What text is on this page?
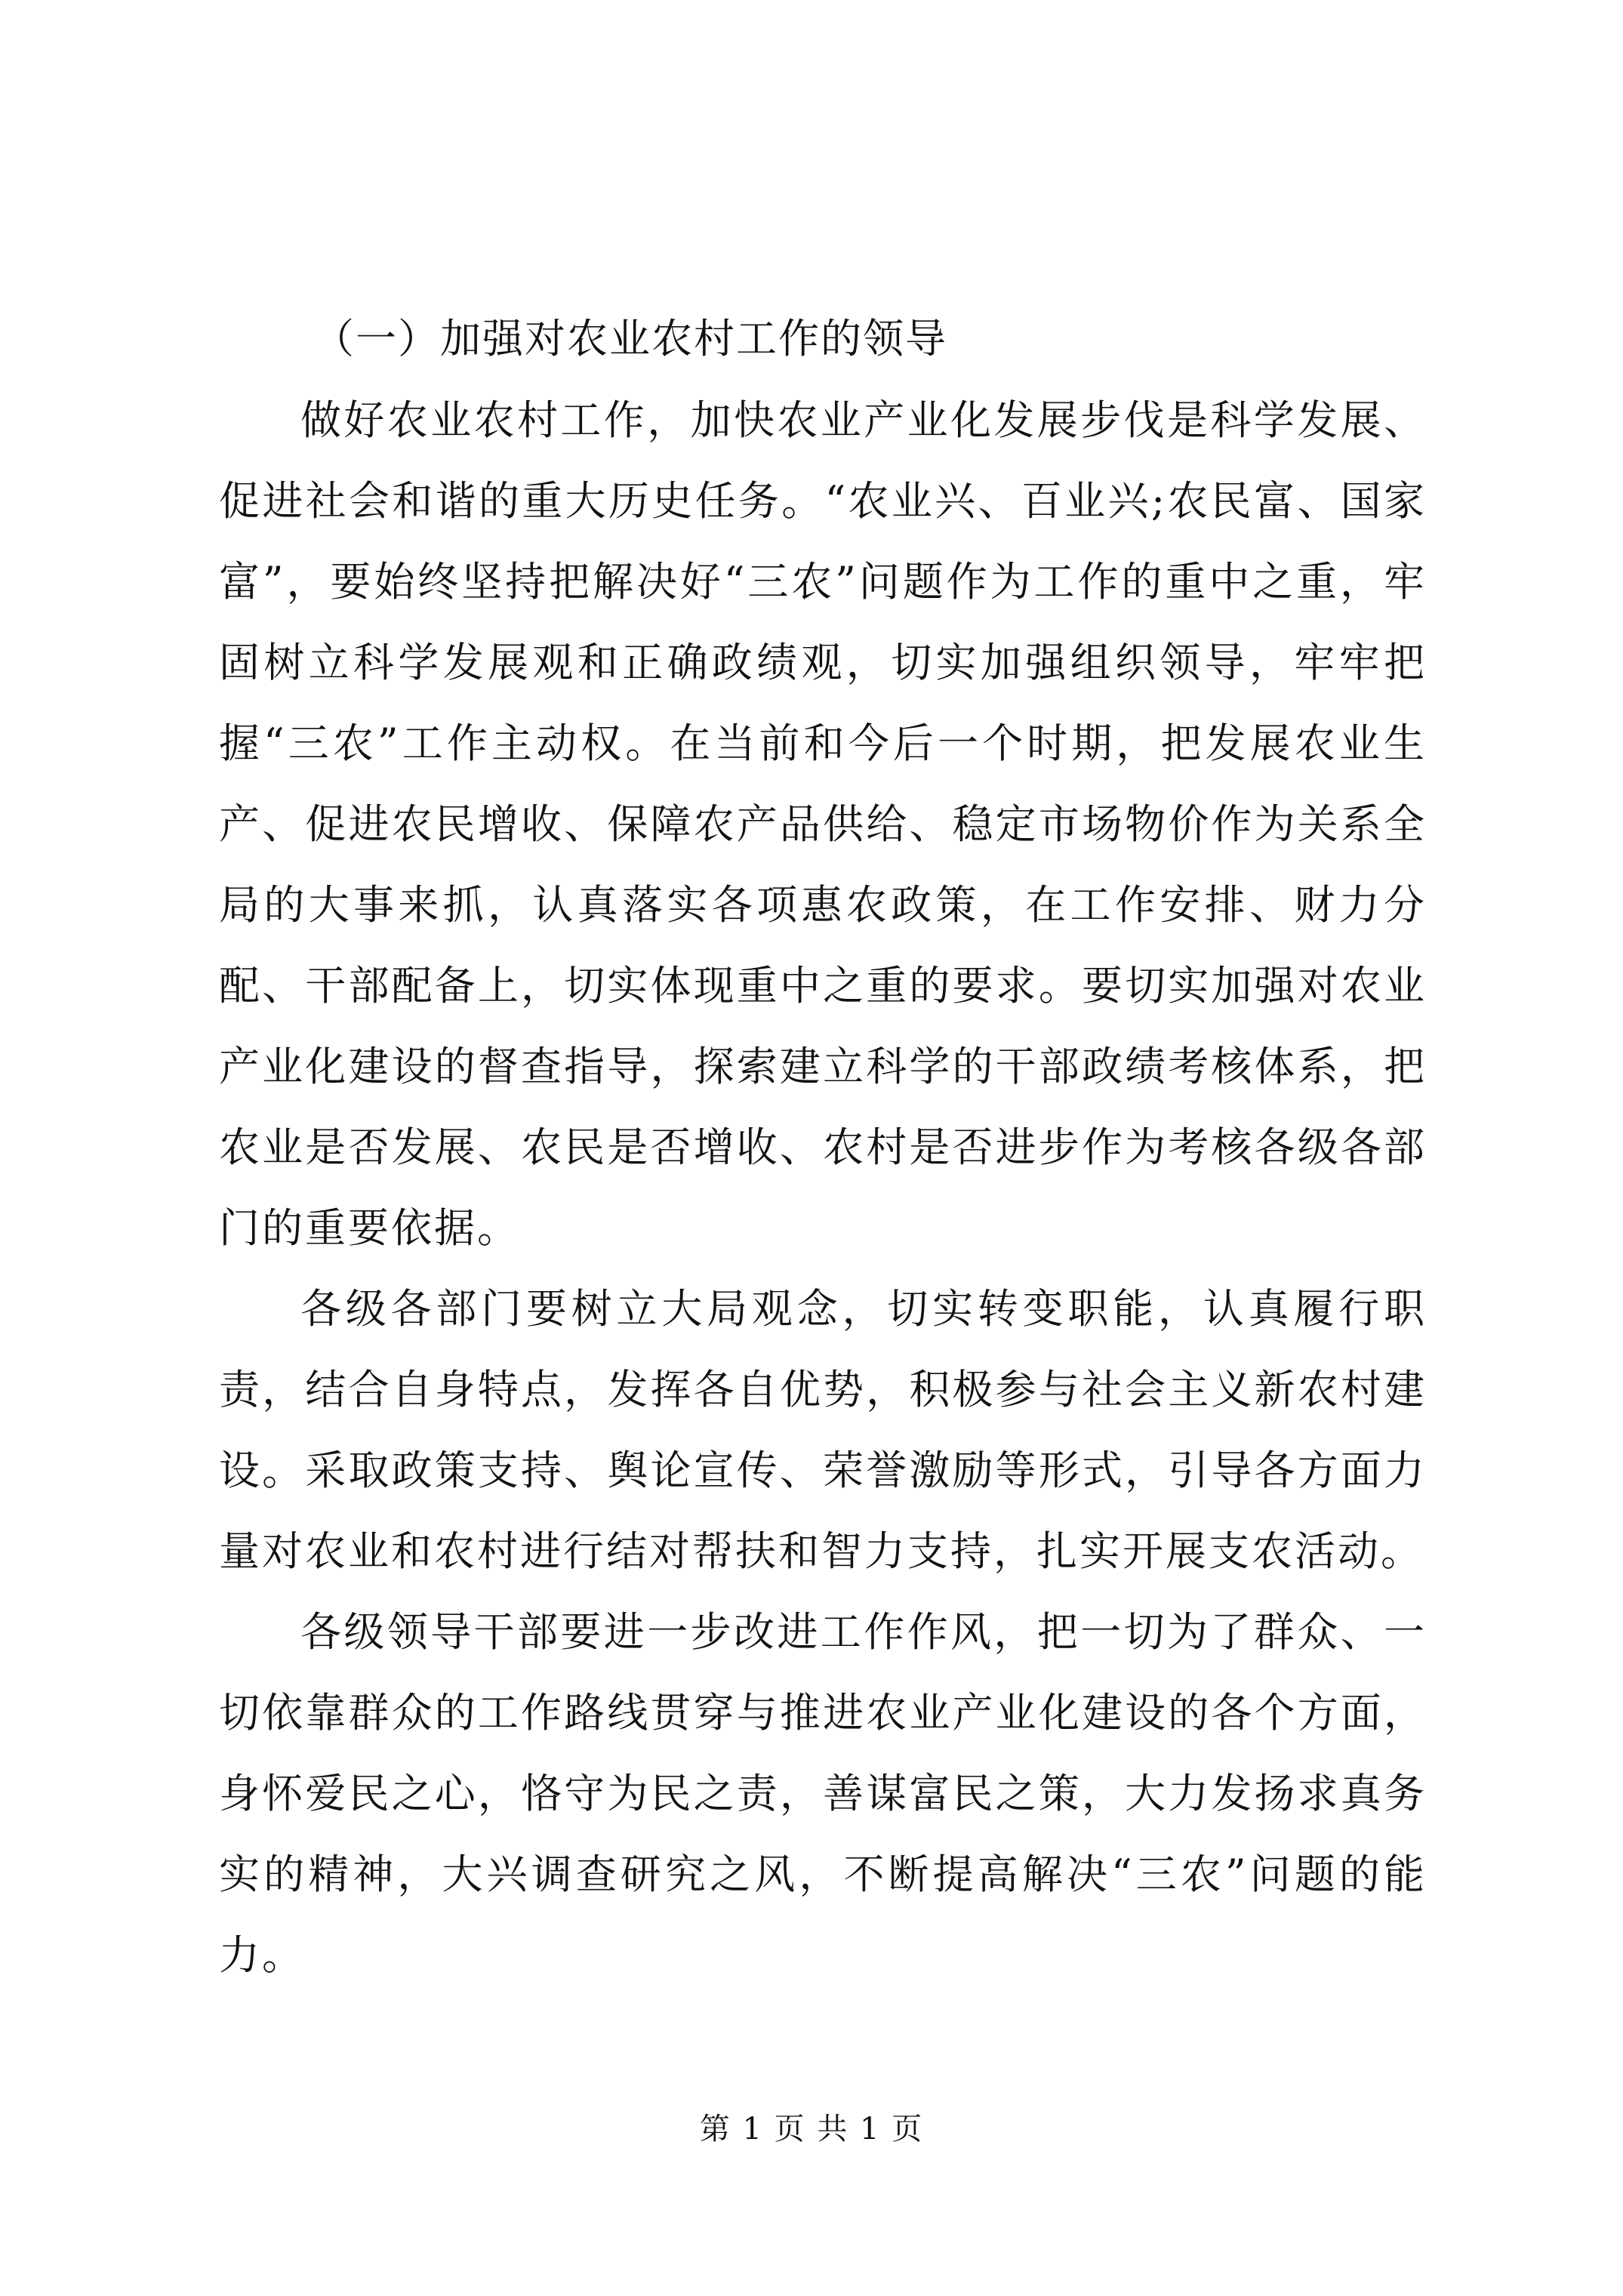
（一）加强对农业农村工作的领导

做好农业农村工作，加快农业产业化发展步伐是科学发展、促进社会和谐的重大历史任务。“农业兴、百业兴;农民富、国家富”，要始终坚持把解决好“三农”问题作为工作的重中之重，牢固树立科学发展观和正确政绩观，切实加强组织领导，牢牢把握“三农”工作主动权。在当前和今后一个时期，把发展农业生产、促进农民增收、保障农产品供给、稳定市场物价作为关系全局的大事来抓，认真落实各项惠农政策，在工作安排、财力分配、干部配备上，切实体现重中之重的要求。要切实加强对农业产业化建设的督查指导，探索建立科学的干部政绩考核体系，把农业是否发展、农民是否增收、农村是否进步作为考核各级各部门的重要依据。

各级各部门要树立大局观念，切实转变职能，认真履行职责，结合自身特点，发挥各自优势，积极参与社会主义新农村建设。采取政策支持、舆论宣传、荣誉激励等形式，引导各方面力量对农业和农村进行结对帮扶和智力支持，扎实开展支农活动。

各级领导干部要进一步改进工作作风，把一切为了群众、一切依靠群众的工作路线贯穿与推进农业产业化建设的各个方面，身怀爱民之心，恪守为民之责，善谋富民之策，大力发扬求真务实的精神，大兴调查研究之风，不断提高解决“三农”问题的能力。

第 1 页 共 1 页
